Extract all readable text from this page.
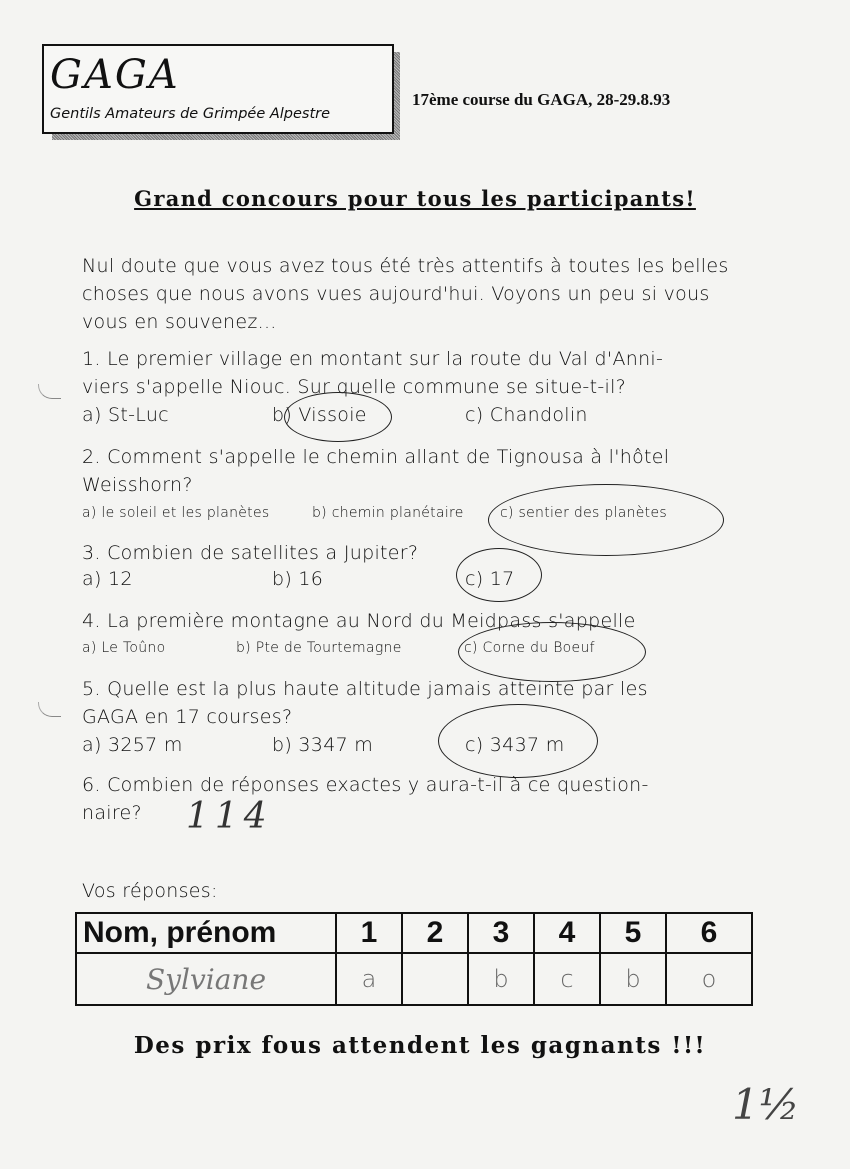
GAGA
Gentils Amateurs de Grimpée Alpestre
17ème course du GAGA, 28-29.8.93
Grand concours pour tous les participants!
Nul doute que vous avez tous été très attentifs à toutes les belles choses que nous avons vues aujourd'hui. Voyons un peu si vous vous en souvenez...
1. Le premier village en montant sur la route du Val d'Anni-
viers s'appelle Niouc. Sur quelle commune se situe-t-il?
a) St-Luc	b) Vissoie	c) Chandolin
2. Comment s'appelle le chemin allant de Tignousa à l'hôtel
Weisshorn?
a) le soleil et les planètes	b) chemin planétaire	c) sentier des planètes
3. Combien de satellites a Jupiter?
a) 12	b) 16	c) 17
4. La première montagne au Nord du Meidpass s'appelle
a) Le Toûno	b) Pte de Tourtemagne	c) Corne du Boeuf
5. Quelle est la plus haute altitude jamais atteinte par les
GAGA en 17 courses?
a) 3257 m	b) 3347 m	c) 3437 m
6. Combien de réponses exactes y aura-t-il à ce question-
naire? 114
Vos réponses:
Nom, prénom	1	2	3	4	5	6
Sylviane	a		b	c	b	o
Des prix fous attendent les gagnants !!!
1½
